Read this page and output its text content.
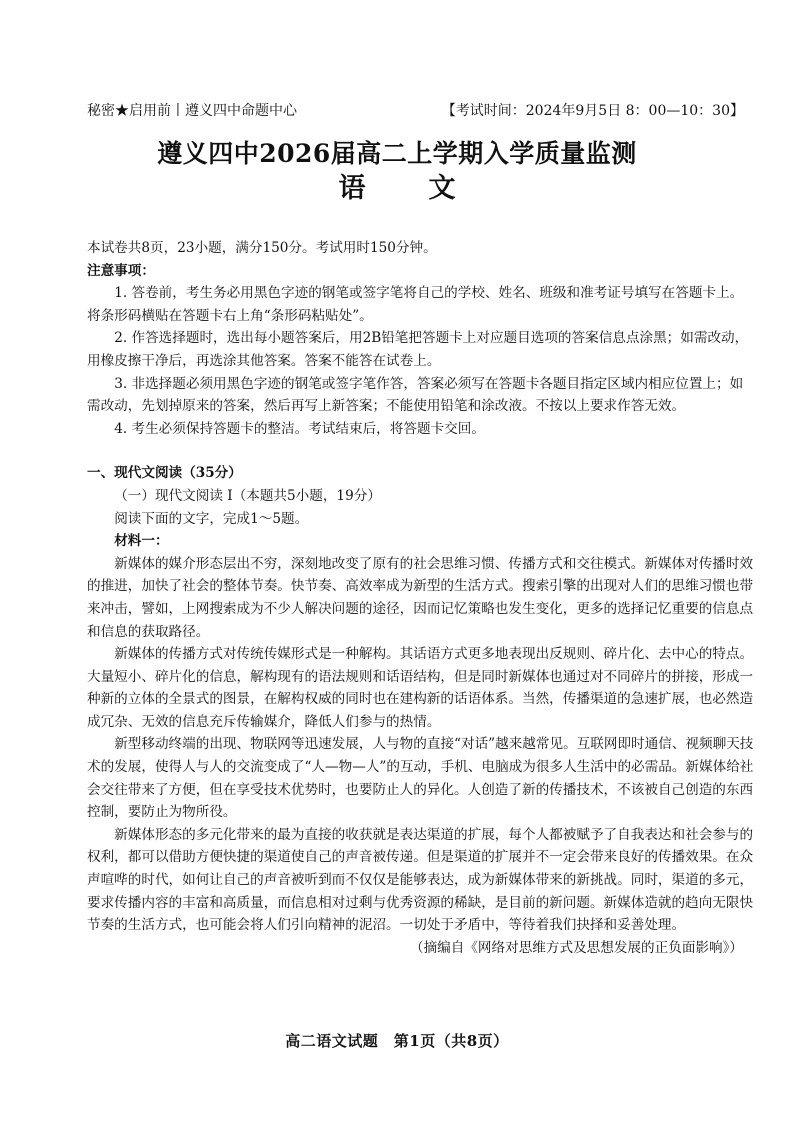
秘密★启用前丨遵义四中命题中心	【考试时间：2024年9月5日 8：00—10：30】
遵义四中2026届高二上学期入学质量监测
语　文

本试卷共8页，23小题，满分150分。考试用时150分钟。

注意事项：

1. 答卷前，考生务必用黑色字迹的钢笔或签字笔将自己的学校、姓名、班级和准考证号填写在答题卡上。将条形码横贴在答题卡右上角“条形码粘贴处”。

2. 作答选择题时，选出每小题答案后，用2B铅笔把答题卡上对应题目选项的答案信息点涂黑；如需改动，用橡皮擦干净后，再选涂其他答案。答案不能答在试卷上。

3. 非选择题必须用黑色字迹的钢笔或签字笔作答，答案必须写在答题卡各题目指定区域内相应位置上；如需改动，先划掉原来的答案，然后再写上新答案；不能使用铅笔和涂改液。不按以上要求作答无效。

4. 考生必须保持答题卡的整洁。考试结束后，将答题卡交回。

一、现代文阅读（35分）

（一）现代文阅读 I（本题共5小题，19分）

阅读下面的文字，完成1～5题。

材料一：

新媒体的媒介形态层出不穷，深刻地改变了原有的社会思维习惯、传播方式和交往模式。新媒体对传播时效的推进，加快了社会的整体节奏。快节奏、高效率成为新型的生活方式。搜索引擎的出现对人们的思维习惯也带来冲击，譬如，上网搜索成为不少人解决问题的途径，因而记忆策略也发生变化，更多的选择记忆重要的信息点和信息的获取路径。

新媒体的传播方式对传统传媒形式是一种解构。其话语方式更多地表现出反规则、碎片化、去中心的特点。大量短小、碎片化的信息，解构现有的语法规则和话语结构，但是同时新媒体也通过对不同碎片的拼接，形成一种新的立体的全景式的图景，在解构权威的同时也在建构新的话语体系。当然，传播渠道的急速扩展，也必然造成冗杂、无效的信息充斥传输媒介，降低人们参与的热情。

新型移动终端的出现、物联网等迅速发展，人与物的直接“对话”越来越常见。互联网即时通信、视频聊天技术的发展，使得人与人的交流变成了“人—物—人”的互动，手机、电脑成为很多人生活中的必需品。新媒体给社会交往带来了方便，但在享受技术优势时，也要防止人的异化。人创造了新的传播技术，不该被自己创造的东西控制，要防止为物所役。

新媒体形态的多元化带来的最为直接的收获就是表达渠道的扩展，每个人都被赋予了自我表达和社会参与的权利，都可以借助方便快捷的渠道使自己的声音被传递。但是渠道的扩展并不一定会带来良好的传播效果。在众声喧哗的时代，如何让自己的声音被听到而不仅仅是能够表达，成为新媒体带来的新挑战。同时，渠道的多元，要求传播内容的丰富和高质量，而信息相对过剩与优秀资源的稀缺，是目前的新问题。新媒体造就的趋向无限快节奏的生活方式，也可能会将人们引向精神的泥沼。一切处于矛盾中，等待着我们抉择和妥善处理。

（摘编自《网络对思维方式及思想发展的正负面影响》）

高二语文试题　第1页（共8页）
